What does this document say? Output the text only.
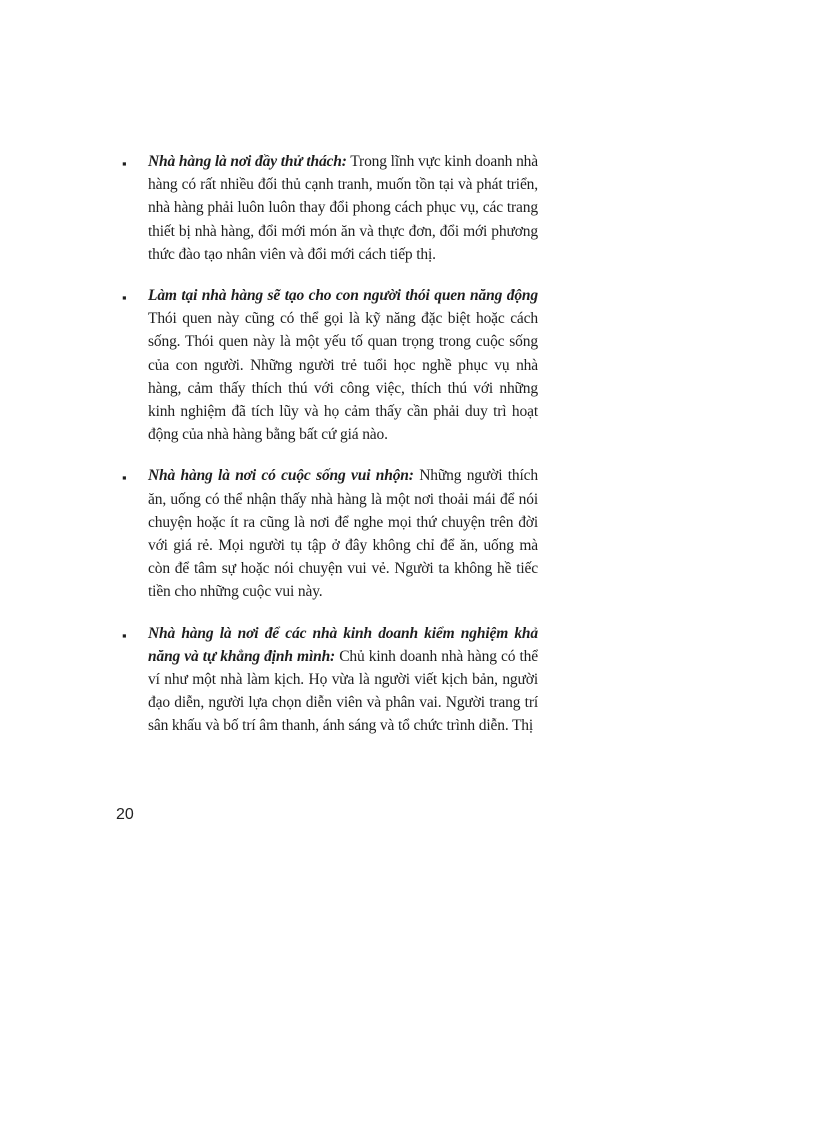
▪ Nhà hàng là nơi đầy thử thách: Trong lĩnh vực kinh doanh nhà hàng có rất nhiều đối thủ cạnh tranh, muốn tồn tại và phát triển, nhà hàng phải luôn luôn thay đổi phong cách phục vụ, các trang thiết bị nhà hàng, đổi mới món ăn và thực đơn, đổi mới phương thức đào tạo nhân viên và đổi mới cách tiếp thị.

▪ Làm tại nhà hàng sẽ tạo cho con người thói quen năng động Thói quen này cũng có thể gọi là kỹ năng đặc biệt hoặc cách sống. Thói quen này là một yếu tố quan trọng trong cuộc sống của con người. Những người trẻ tuổi học nghề phục vụ nhà hàng, cảm thấy thích thú với công việc, thích thú với những kinh nghiệm đã tích lũy và họ cảm thấy cần phải duy trì hoạt động của nhà hàng bằng bất cứ giá nào.

▪ Nhà hàng là nơi có cuộc sống vui nhộn: Những người thích ăn, uống có thể nhận thấy nhà hàng là một nơi thoải mái để nói chuyện hoặc ít ra cũng là nơi để nghe mọi thứ chuyện trên đời với giá rẻ. Mọi người tụ tập ở đây không chỉ để ăn, uống mà còn để tâm sự hoặc nói chuyện vui vẻ. Người ta không hề tiếc tiền cho những cuộc vui này.

▪ Nhà hàng là nơi để các nhà kinh doanh kiểm nghiệm khả năng và tự khẳng định mình: Chủ kinh doanh nhà hàng có thể ví như một nhà làm kịch. Họ vừa là người viết kịch bản, người đạo diễn, người lựa chọn diễn viên và phân vai. Người trang trí sân khấu và bố trí âm thanh, ánh sáng và tổ chức trình diễn. Thị

20
